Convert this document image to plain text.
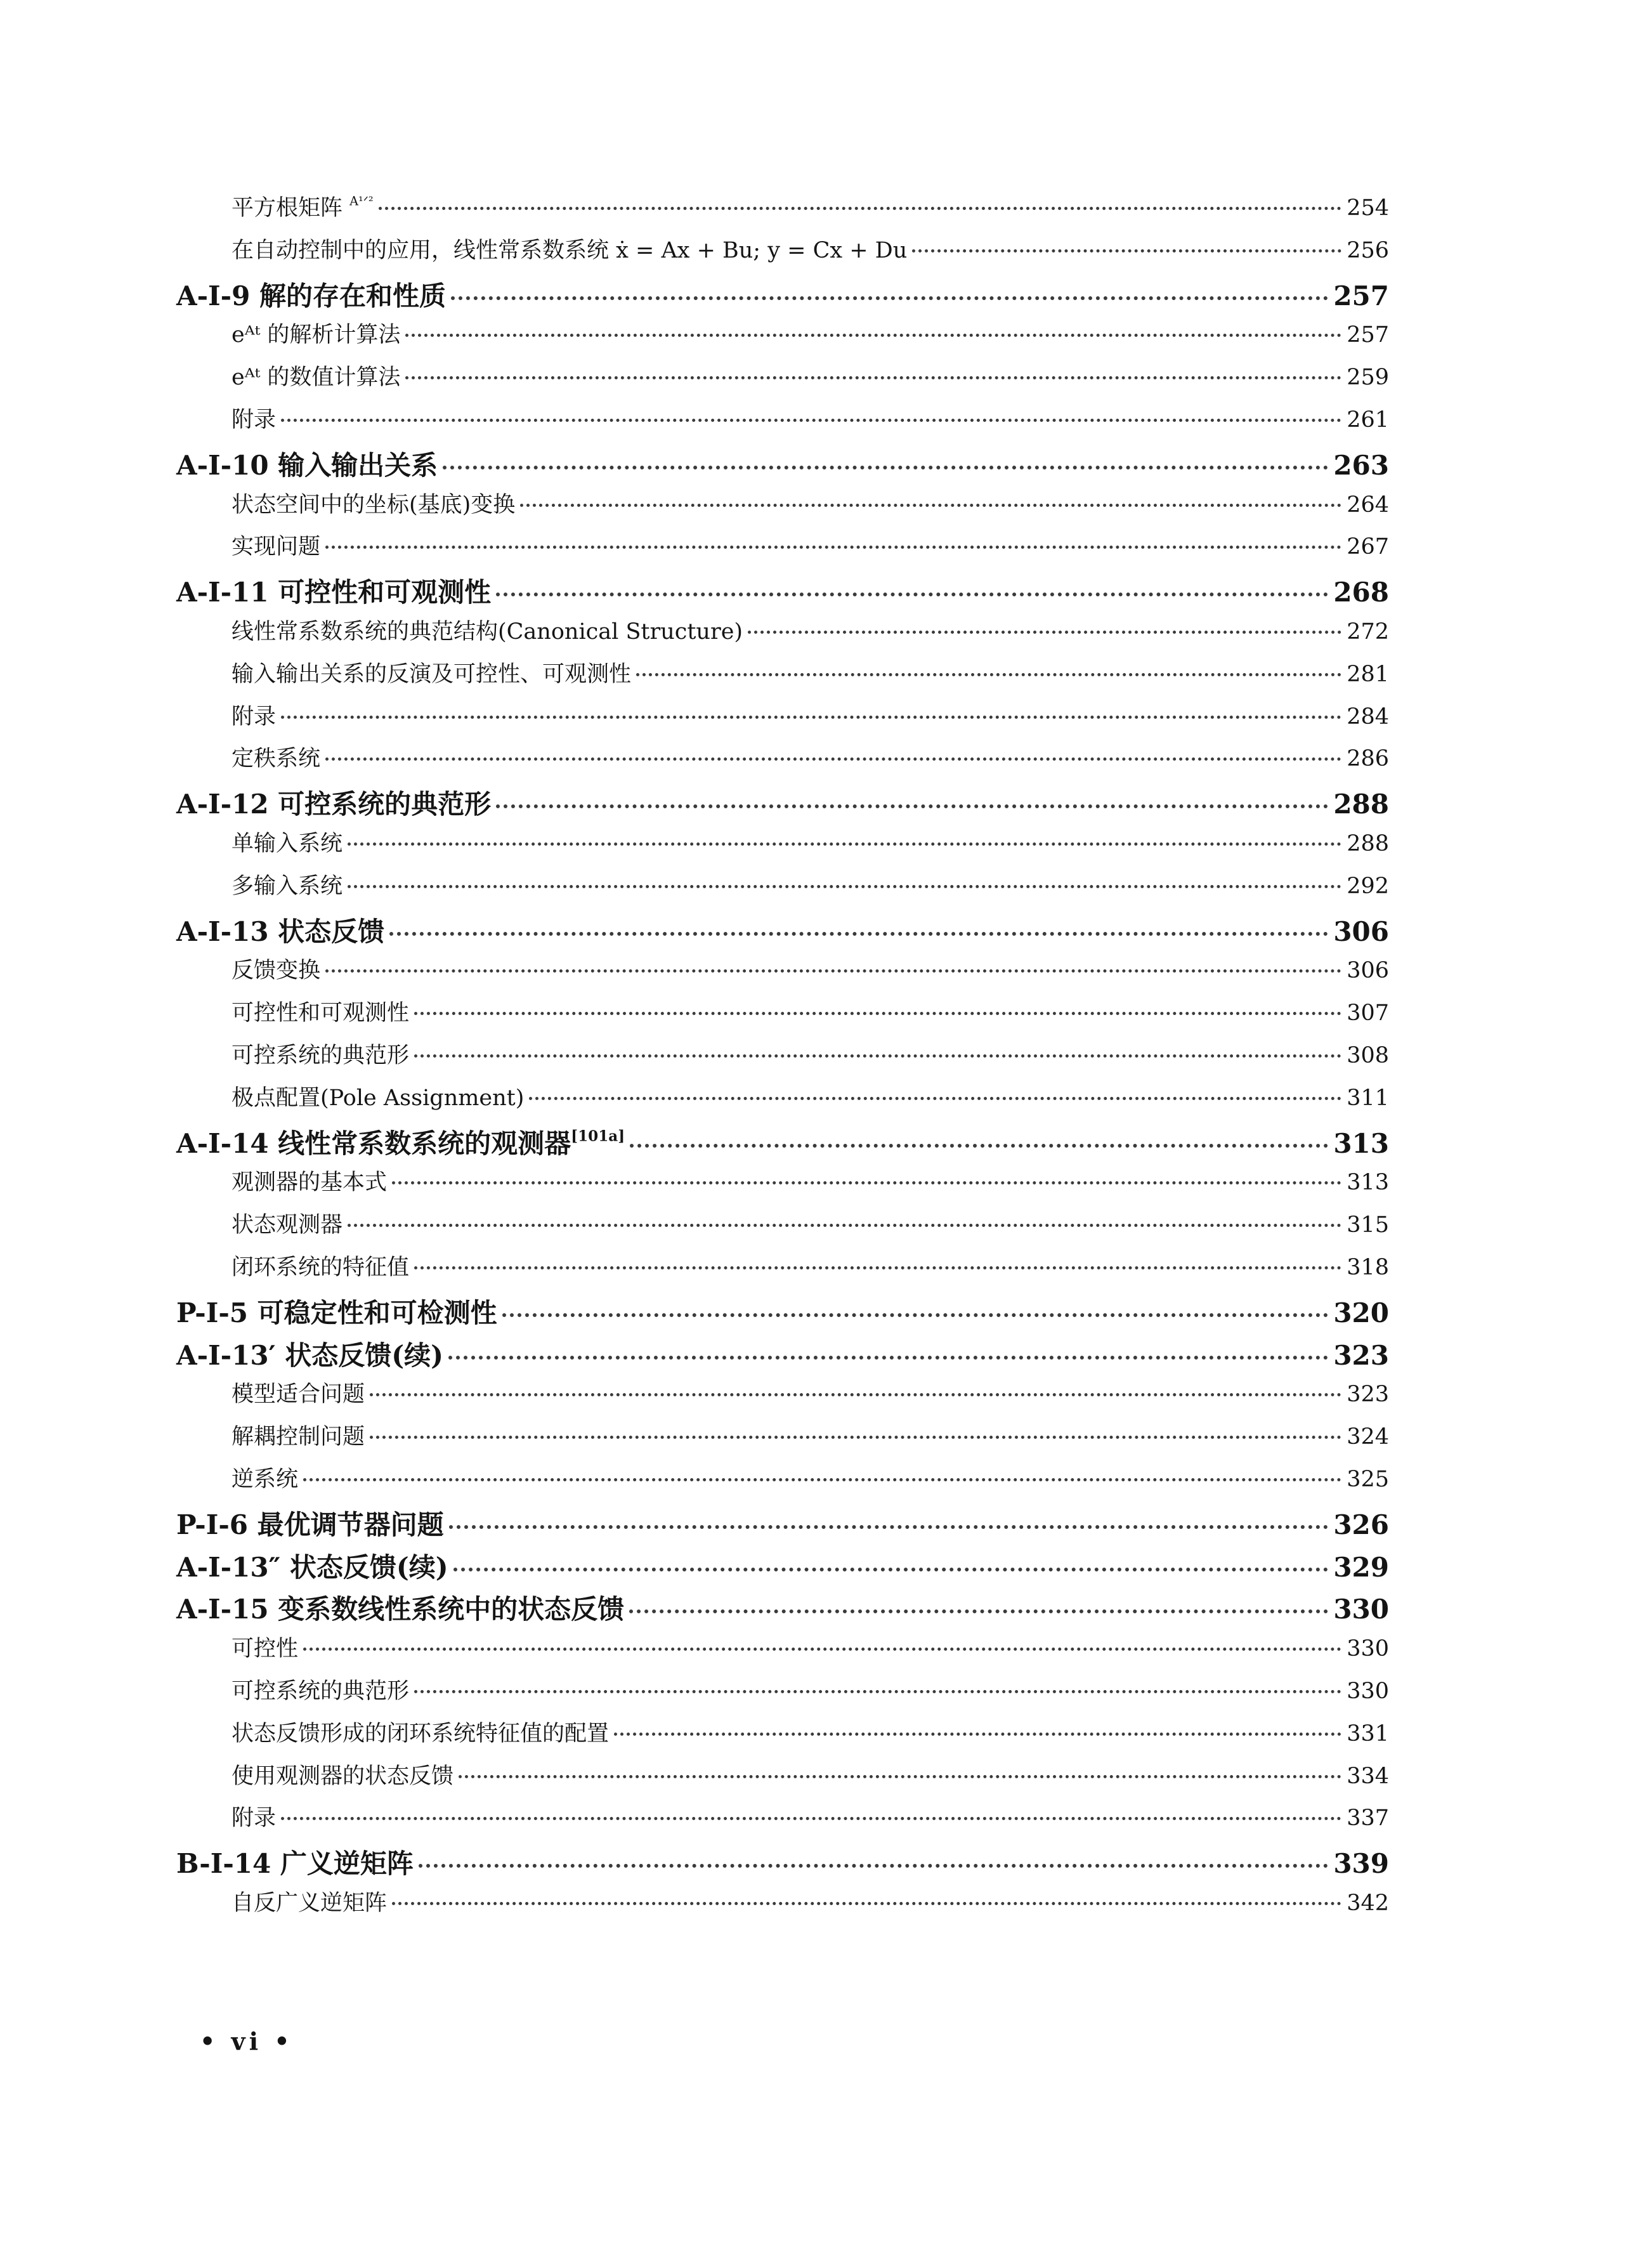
平方根矩阵 $^{A^1ᐟ^2}$	254
在自动控制中的应用，线性常系数系统 ẋ = Ax + Bu; y = Cx + Du	256
A-I-9 解的存在和性质	257
eᴬᵗ 的解析计算法	257
eᴬᵗ 的数值计算法	259
附录	261
A-I-10 输入输出关系	263
状态空间中的坐标(基底)变换	264
实现问题	267
A-I-11 可控性和可观测性	268
线性常系数系统的典范结构(Canonical Structure)	272
输入输出关系的反演及可控性、可观测性	281
附录	284
定秩系统	286
A-I-12 可控系统的典范形	288
单输入系统	288
多输入系统	292
A-I-13 状态反馈	306
反馈变换	306
可控性和可观测性	307
可控系统的典范形	308
极点配置(Pole Assignment)	311
A-I-14 线性常系数系统的观测器[101a]	313
观测器的基本式	313
状态观测器	315
闭环系统的特征值	318
P-I-5 可稳定性和可检测性	320
A-I-13′ 状态反馈(续)	323
模型适合问题	323
解耦控制问题	324
逆系统	325
P-I-6 最优调节器问题	326
A-I-13″ 状态反馈(续)	329
A-I-15 变系数线性系统中的状态反馈	330
可控性	330
可控系统的典范形	330
状态反馈形成的闭环系统特征值的配置	331
使用观测器的状态反馈	334
附录	337
B-I-14 广义逆矩阵	339
自反广义逆矩阵	342
• vi •
